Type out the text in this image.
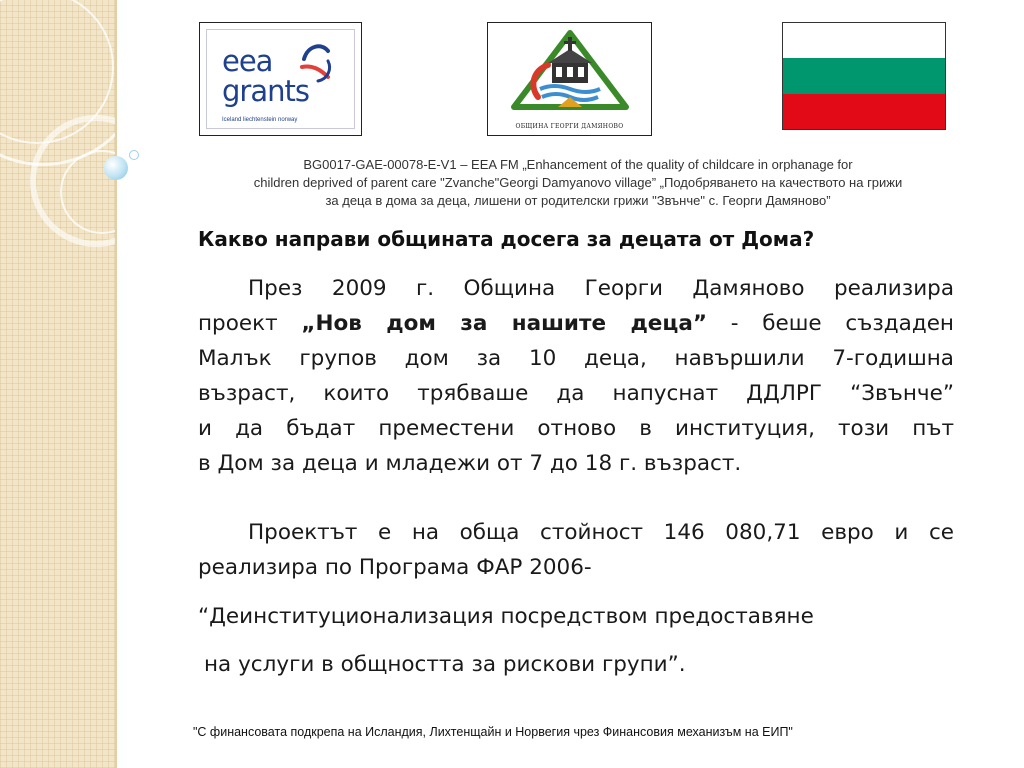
eea
grants
Iceland liechtenstein norway
ОБЩИНА ГЕОРГИ ДАМЯНОВО
BG0017-GAE-00078-E-V1 – EEA FM „Enhancement of the quality of childcare in orphanage for
children deprived of parent care "Zvanche"Georgi Damyanovo village” „Подобряването на качеството на грижи
за деца в дома за деца, лишени от родителски грижи "Звънче" с. Георги Дамяново”
Какво направи общината досега за децата от Дома?
През 2009 г. Община Георги Дамяново реализира
проект „Нов дом за нашите деца” - беше създаден
Малък групов дом за 10 деца, навършили 7-годишна
възраст, които трябваше да напуснат ДДЛРГ “Звънче”
и да бъдат преместени отново в институция, този път
в Дом за деца и младежи от 7 до 18 г. възраст.
Проектът е на обща стойност 146 080,71 евро и се
реализира по Програма ФАР 2006-
“Деинституционализация посредством предоставяне
на услуги в общността за рискови групи”.
"С финансовата подкрепа на Исландия, Лихтенщайн и Норвегия чрез Финансовия механизъм на ЕИП"
